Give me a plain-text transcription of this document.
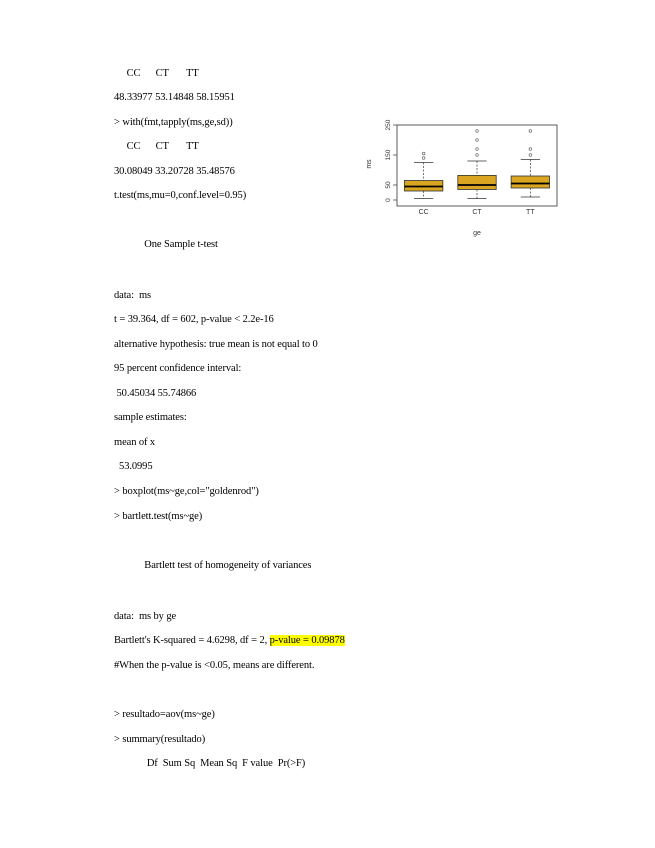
CC      CT       TT
48.33977 53.14848 58.15951
> with(fmt,tapply(ms,ge,sd))
CC      CT       TT
30.08049 33.20728 35.48576
t.test(ms,mu=0,conf.level=0.95)
One Sample t-test
data:  ms
t = 39.364, df = 602, p-value < 2.2e-16
alternative hypothesis: true mean is not equal to 0
95 percent confidence interval:
50.45034 55.74866
sample estimates:
mean of x
53.0995
> boxplot(ms~ge,col="goldenrod")
> bartlett.test(ms~ge)
Bartlett test of homogeneity of variances
data:  ms by ge
Bartlett's K-squared = 4.6298, df = 2, p-value = 0.09878
#When the p-value is <0.05, means are different.
> resultado=aov(ms~ge)
> summary(resultado)
Df  Sum Sq  Mean Sq  F value  Pr(>F)
0
50
150
250
ms
CC	CT	TT
ge
